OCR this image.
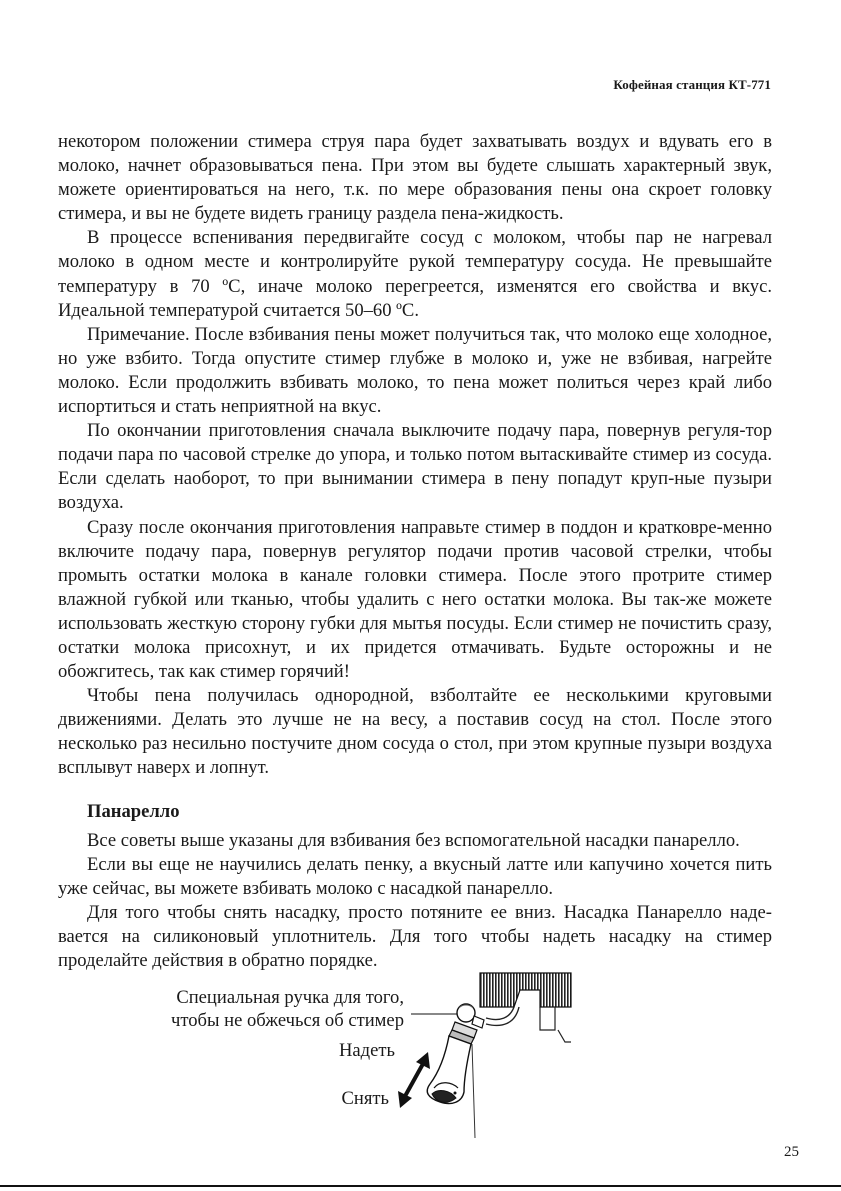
Кофейная станция КТ-771

некотором положении стимера струя пара будет захватывать воздух и вдувать его в молоко, начнет образовываться пена. При этом вы будете слышать характерный звук, можете ориентироваться на него, т.к. по мере образования пены она скроет головку стимера, и вы не будете видеть границу раздела пена-жидкость.

В процессе вспенивания передвигайте сосуд с молоком, чтобы пар не нагревал молоко в одном месте и контролируйте рукой температуру сосуда. Не превышайте температуру в 70 ºС, иначе молоко перегреется, изменятся его свойства и вкус. Идеальной температурой считается 50–60 ºС.

Примечание. После взбивания пены может получиться так, что молоко еще холодное, но уже взбито. Тогда опустите стимер глубже в молоко и, уже не взбивая, нагрейте молоко. Если продолжить взбивать молоко, то пена может политься через край либо испортиться и стать неприятной на вкус.

По окончании приготовления сначала выключите подачу пара, повернув регуля-тор подачи пара по часовой стрелке до упора, и только потом вытаскивайте стимер из сосуда. Если сделать наоборот, то при вынимании стимера в пену попадут круп-ные пузыри воздуха.

Сразу после окончания приготовления направьте стимер в поддон и кратковре-менно включите подачу пара, повернув регулятор подачи против часовой стрелки, чтобы промыть остатки молока в канале головки стимера. После этого протрите стимер влажной губкой или тканью, чтобы удалить с него остатки молока. Вы так-же можете использовать жесткую сторону губки для мытья посуды. Если стимер не почистить сразу, остатки молока присохнут, и их придется отмачивать. Будьте осторожны и не обожгитесь, так как стимер горячий!

Чтобы пена получилась однородной, взболтайте ее несколькими круговыми движениями. Делать это лучше не на весу, а поставив сосуд на стол. После этого несколько раз несильно постучите дном сосуда о стол, при этом крупные пузыри воздуха всплывут наверх и лопнут.

Панарелло

Все советы выше указаны для взбивания без вспомогательной насадки панарелло.

Если вы еще не научились делать пенку, а вкусный латте или капучино хочется пить уже сейчас, вы можете взбивать молоко с насадкой панарелло.

Для того чтобы снять насадку, просто потяните ее вниз. Насадка Панарелло наде-вается на силиконовый уплотнитель. Для того чтобы надеть насадку на стимер проделайте действия в обратно порядке.

Специальная ручка для того,
чтобы не обжечься об стимер
Надеть
Снять
25
